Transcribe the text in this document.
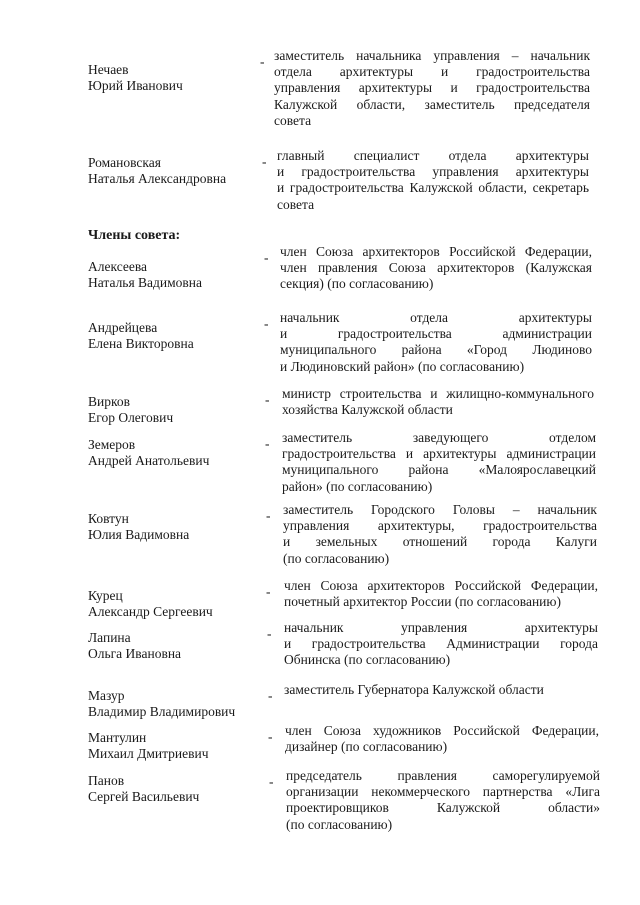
Члены совета:
Нечаев
Юрий Иванович
- заместитель начальника управления – начальник
отдела архитектуры и градостроительства
управления архитектуры и градостроительства
Калужской области, заместитель председателя
совета
Романовская
Наталья Александровна
- главный специалист отдела архитектуры
и градостроительства управления архитектуры
и градостроительства Калужской области, секретарь
совета
Алексеева
Наталья Вадимовна
- член Союза архитекторов Российской Федерации,
член правления Союза архитекторов (Калужская
секция) (по согласованию)
Андрейцева
Елена Викторовна
- начальник отдела архитектуры
и градостроительства администрации
муниципального района «Город Людиново
и Людиновский район» (по согласованию)
Вирков
Егор Олегович
- министр строительства и жилищно-коммунального
хозяйства Калужской области
Земеров
Андрей Анатольевич
- заместитель заведующего отделом
градостроительства и архитектуры администрации
муниципального района «Малоярославецкий
район» (по согласованию)
Ковтун
Юлия Вадимовна
- заместитель Городского Головы – начальник
управления архитектуры, градостроительства
и земельных отношений города Калуги
(по согласованию)
Курец
Александр Сергеевич
- член Союза архитекторов Российской Федерации,
почетный архитектор России (по согласованию)
Лапина
Ольга Ивановна
- начальник управления архитектуры
и градостроительства Администрации города
Обнинска (по согласованию)
Мазур
Владимир Владимирович
- заместитель Губернатора Калужской области
Мантулин
Михаил Дмитриевич
- член Союза художников Российской Федерации,
дизайнер (по согласованию)
Панов
Сергей Васильевич
- председатель правления саморегулируемой
организации некоммерческого партнерства «Лига
проектировщиков Калужской области»
(по согласованию)
